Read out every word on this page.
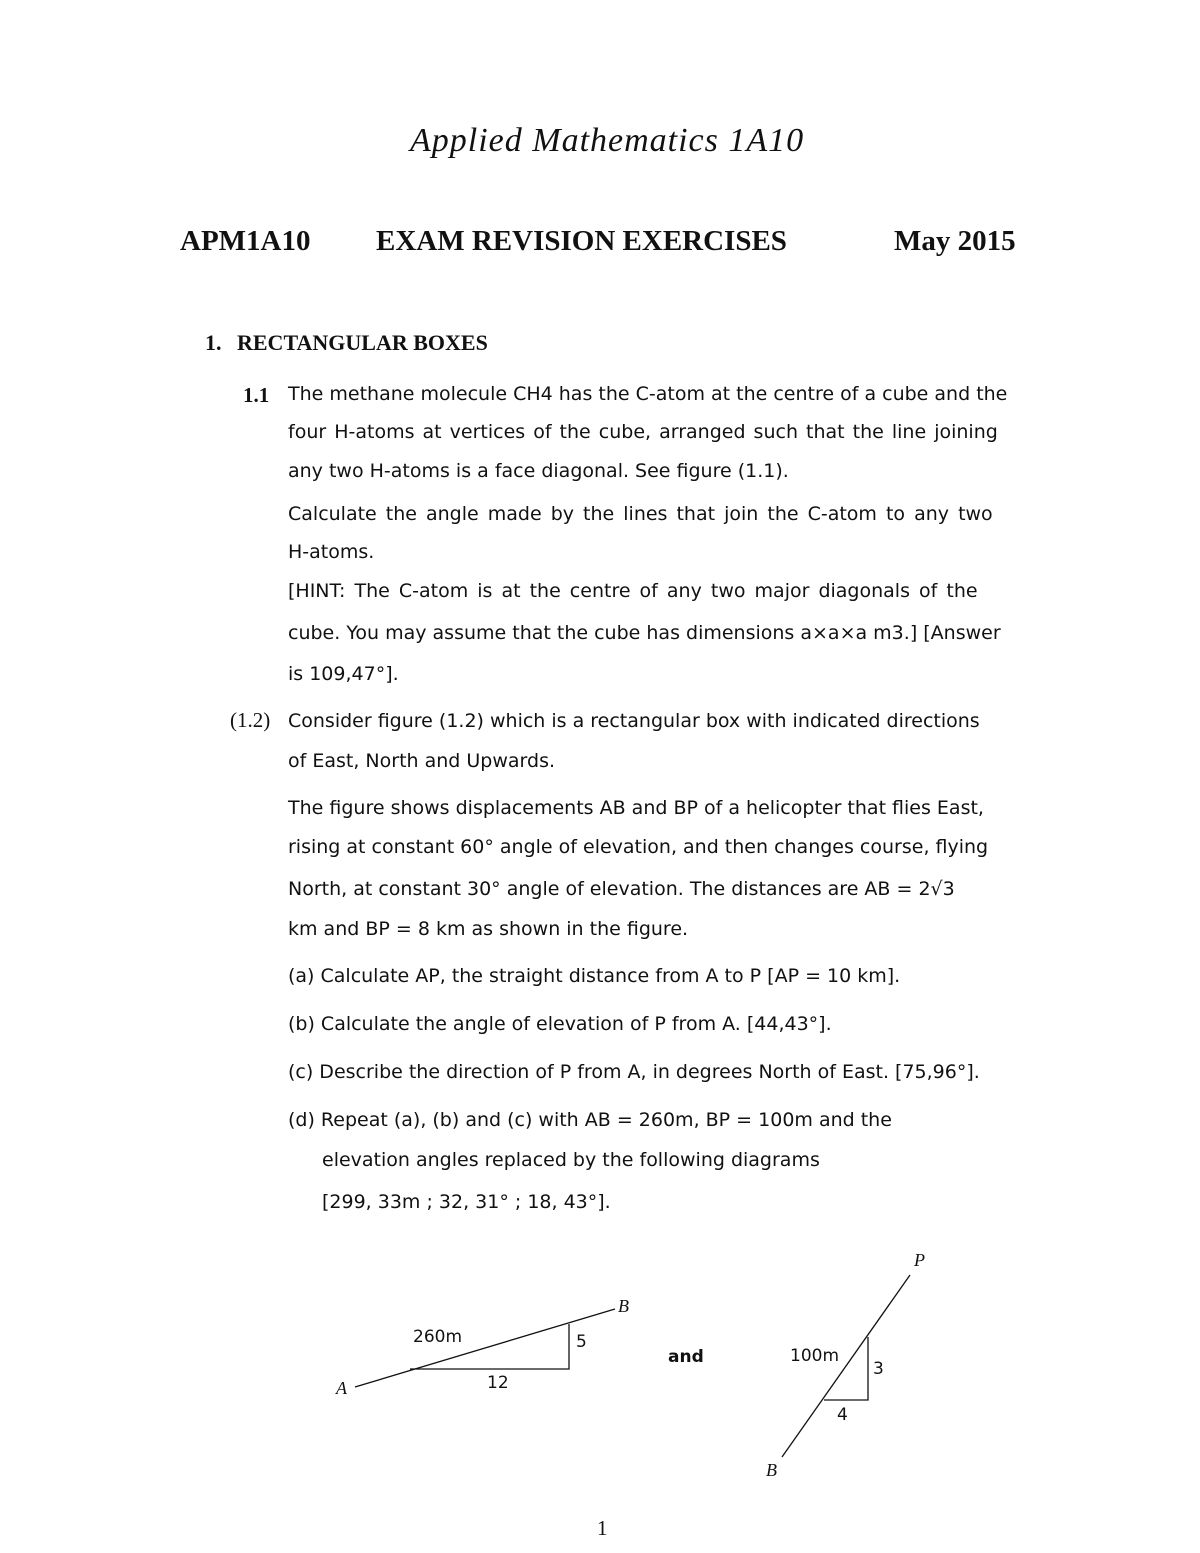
Applied Mathematics 1A10
APM1A10 EXAM REVISION EXERCISES	May 2015
1. RECTANGULAR BOXES
1.1 The methane molecule CH4 has the C-atom at the centre of a cube and the
four H-atoms at vertices of the cube, arranged such that the line joining
any two H-atoms is a face diagonal. See figure (1.1).
Calculate the angle made by the lines that join the C-atom to any two
H-atoms.
[HINT: The C-atom is at the centre of any two major diagonals of the
cube. You may assume that the cube has dimensions a×a×a m3.] [Answer
is 109,47°].
(1.2) Consider figure (1.2) which is a rectangular box with indicated directions
of East, North and Upwards.
The figure shows displacements AB and BP of a helicopter that flies East,
rising at constant 60° angle of elevation, and then changes course, flying
North, at constant 30° angle of elevation. The distances are AB = 2√3
km and BP = 8 km as shown in the figure.
(a) Calculate AP, the straight distance from A to P [AP = 10 km].
(b) Calculate the angle of elevation of P from A. [44,43°].
(c) Describe the direction of P from A, in degrees North of East. [75,96°].
(d) Repeat (a), (b) and (c) with AB = 260m, BP = 100m and the
elevation angles replaced by the following diagrams
[299, 33m ; 32, 31° ; 18, 43°].
A
B
260m	5
12
and
P
B
100m
3
4
1
